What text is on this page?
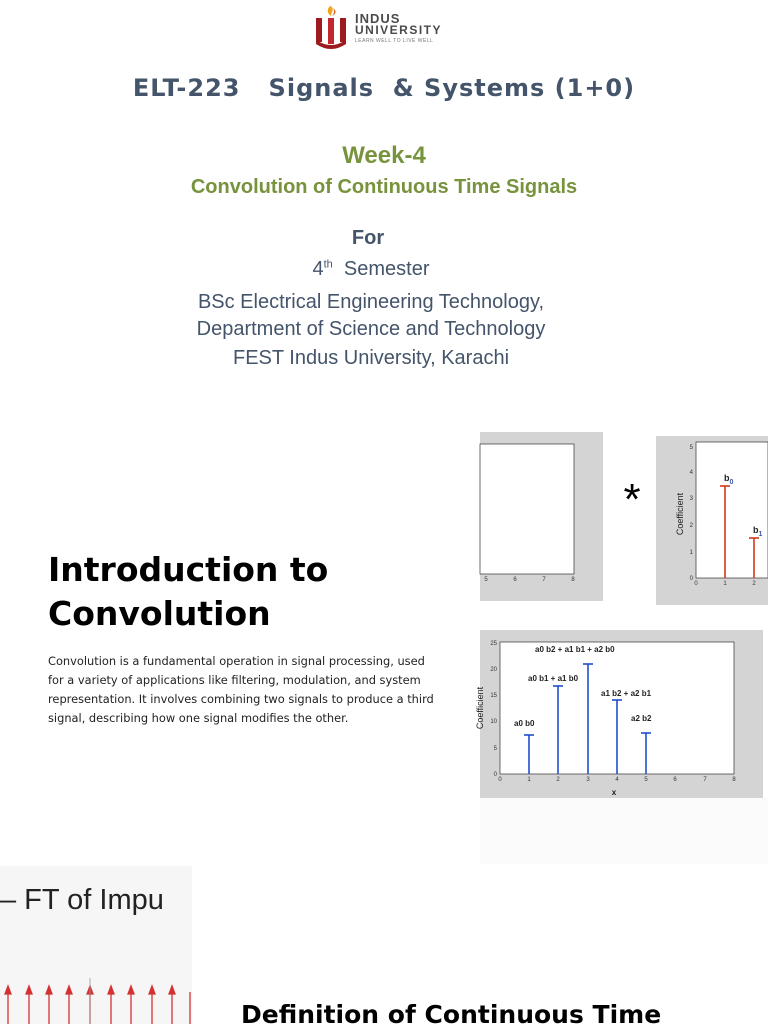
INDUS
UNIVERSITY
LEARN WELL TO LIVE WELL
ELT-223   Signals  & Systems (1+0)
Week-4
Convolution of Continuous Time Signals
For
4th  Semester
BSc Electrical Engineering Technology,
Department of Science and Technology
FEST Indus University, Karachi
Introduction to
Convolution
Convolution is a fundamental operation in signal processing, used for a variety of applications like filtering, modulation, and system representation. It involves combining two signals to produce a third signal, describing how one signal modifies the other.
5	6	7	8
*	Coefficient
0
1
2
3
4
5
0	1	2
$b_0$
$b_1$
Coefficient
0
5
10
15
20
25
0	1	2	3	4	5	6	7	8
x
a0 b0
a0 b1 + a1 b0
a0 b2 + a1 b1 + a2 b0
a1 b2 + a2 b1
a2 b2
– FT of Impu
Definition of Continuous Time
